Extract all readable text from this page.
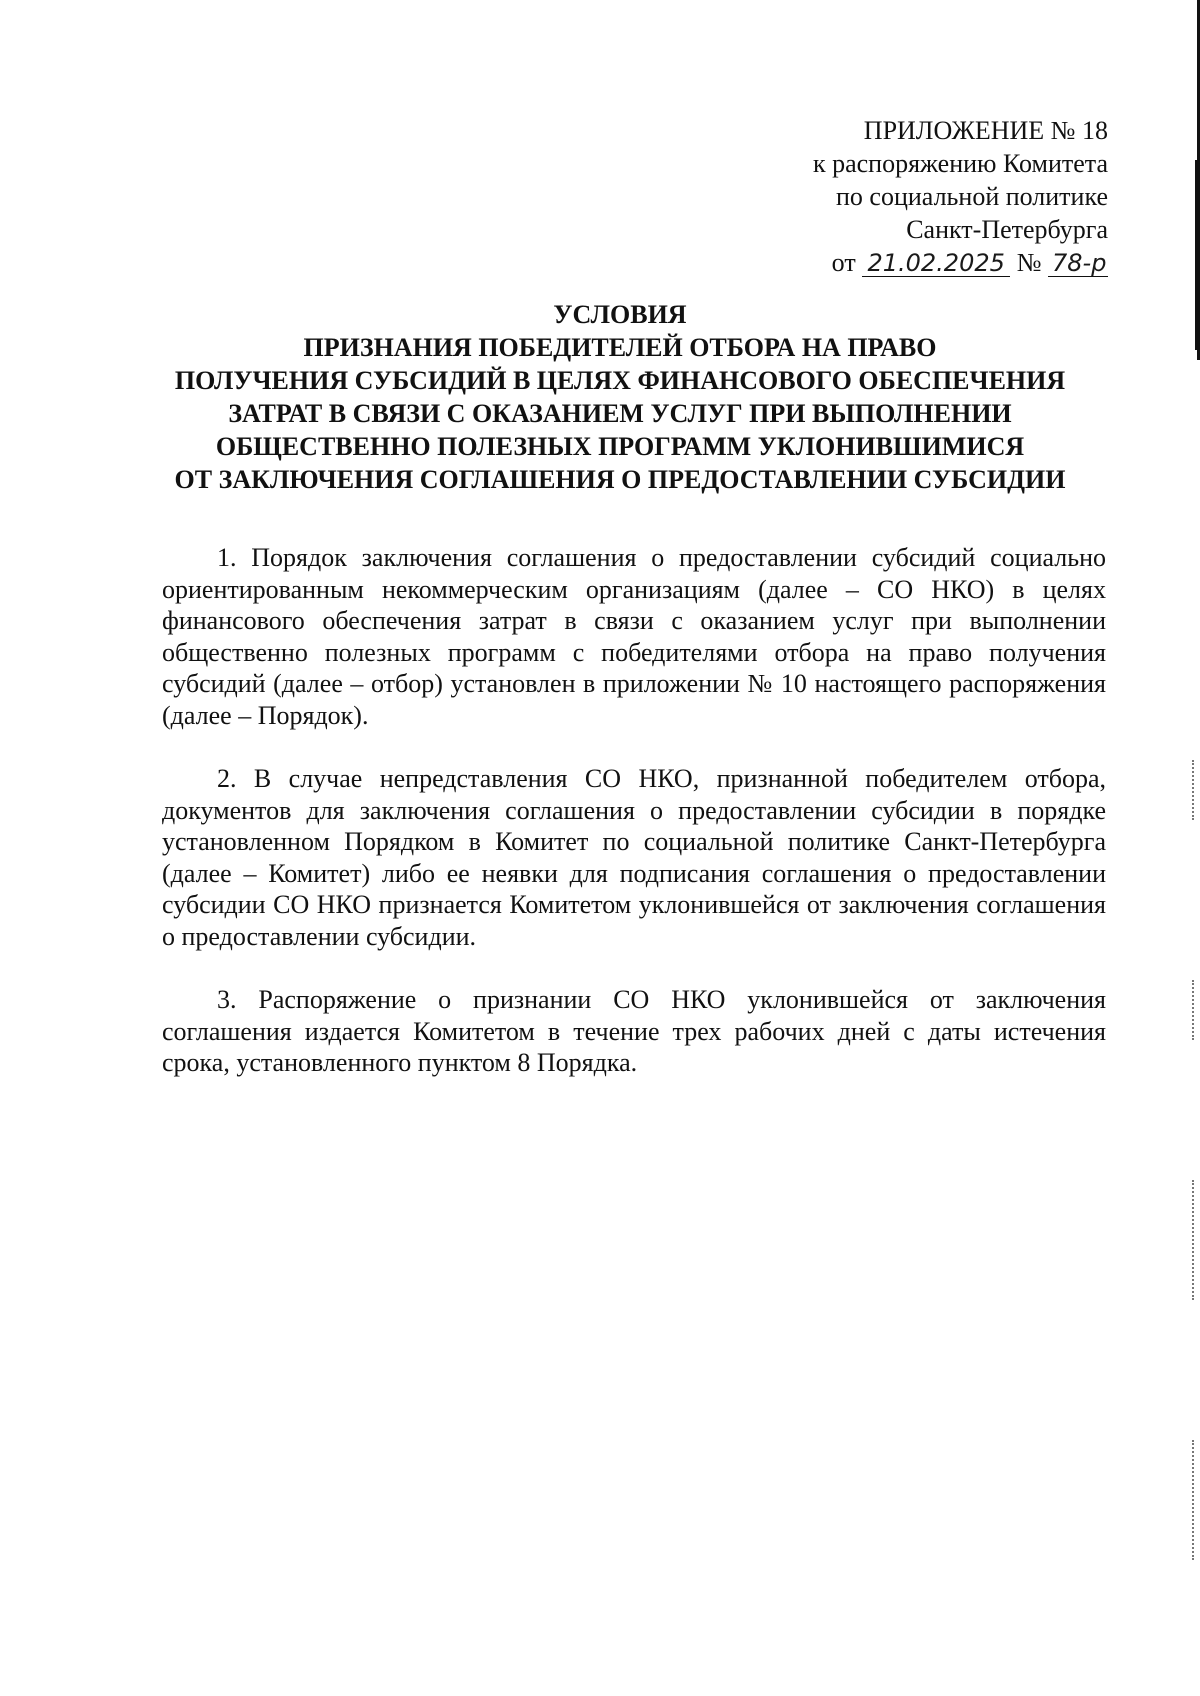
ПРИЛОЖЕНИЕ № 18
к распоряжению Комитета
по социальной политике
Санкт-Петербурга
от 21.02.2025 № 78-р
УСЛОВИЯ
ПРИЗНАНИЯ ПОБЕДИТЕЛЕЙ ОТБОРА НА ПРАВО
ПОЛУЧЕНИЯ СУБСИДИЙ В ЦЕЛЯХ ФИНАНСОВОГО ОБЕСПЕЧЕНИЯ
ЗАТРАТ В СВЯЗИ С ОКАЗАНИЕМ УСЛУГ ПРИ ВЫПОЛНЕНИИ
ОБЩЕСТВЕННО ПОЛЕЗНЫХ ПРОГРАММ УКЛОНИВШИМИСЯ
ОТ ЗАКЛЮЧЕНИЯ СОГЛАШЕНИЯ О ПРЕДОСТАВЛЕНИИ СУБСИДИИ

1. Порядок заключения соглашения о предоставлении субсидий социально ориентированным некоммерческим организациям (далее – СО НКО) в целях финансового обеспечения затрат в связи с оказанием услуг при выполнении общественно полезных программ с победителями отбора на право получения субсидий (далее – отбор) установлен в приложении № 10 настоящего распоряжения (далее – Порядок).

2. В случае непредставления СО НКО, признанной победителем отбора, документов для заключения соглашения о предоставлении субсидии в порядке установленном Порядком в Комитет по социальной политике Санкт-Петербурга (далее – Комитет) либо ее неявки для подписания соглашения о предоставлении субсидии СО НКО признается Комитетом уклонившейся от заключения соглашения о предоставлении субсидии.

3. Распоряжение о признании СО НКО уклонившейся от заключения соглашения издается Комитетом в течение трех рабочих дней с даты истечения срока, установленного пунктом 8 Порядка.
